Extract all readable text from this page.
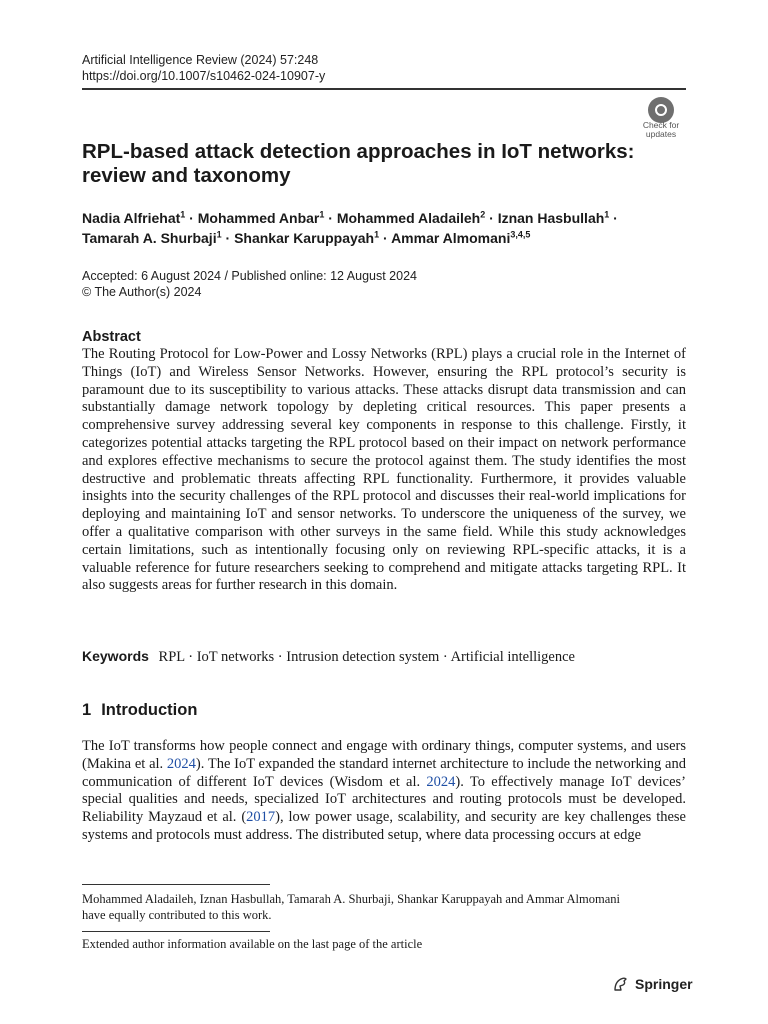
Artificial Intelligence Review (2024) 57:248
https://doi.org/10.1007/s10462-024-10907-y
Check for
updates
RPL-based attack detection approaches in IoT networks:
review and taxonomy
Nadia Alfriehat$^1$ · Mohammed Anbar$^1$ · Mohammed Aladaileh$^2$ · Iznan Hasbullah$^1$ ·
Tamarah A. Shurbaji$^1$ · Shankar Karuppayah$^1$ · Ammar Almomani$^{3,4,5}$
Accepted: 6 August 2024 / Published online: 12 August 2024
© The Author(s) 2024
Abstract
The Routing Protocol for Low-Power and Lossy Networks (RPL) plays a crucial role in the Internet of Things (IoT) and Wireless Sensor Networks. However, ensuring the RPL protocol’s security is paramount due to its susceptibility to various attacks. These attacks disrupt data transmission and can substantially damage network topology by depleting critical resources. This paper presents a comprehensive survey addressing several key components in response to this challenge. Firstly, it categorizes potential attacks targeting the RPL protocol based on their impact on network performance and explores effective mechanisms to secure the protocol against them. The study identifies the most destructive and problematic threats affecting RPL functionality. Furthermore, it provides valuable insights into the security challenges of the RPL protocol and discusses their real-world implications for deploying and maintaining IoT and sensor networks. To underscore the uniqueness of the survey, we offer a qualitative comparison with other surveys in the same field. While this study acknowledges certain limitations, such as intentionally focusing only on reviewing RPL-specific attacks, it is a valuable reference for future researchers seeking to comprehend and mitigate attacks targeting RPL. It also suggests areas for further research in this domain.
Keywords RPL · IoT networks · Intrusion detection system · Artificial intelligence
1 Introduction
The IoT transforms how people connect and engage with ordinary things, computer systems, and users (Makina et al. 2024). The IoT expanded the standard internet architecture to include the networking and communication of different IoT devices (Wisdom et al. 2024). To effectively manage IoT devices’ special qualities and needs, specialized IoT architectures and routing protocols must be developed. Reliability Mayzaud et al. (2017), low power usage, scalability, and security are key challenges these systems and protocols must address. The distributed setup, where data processing occurs at edge
Mohammed Aladaileh, Iznan Hasbullah, Tamarah A. Shurbaji, Shankar Karuppayah and Ammar Almomani have equally contributed to this work.
Extended author information available on the last page of the article
Springer
